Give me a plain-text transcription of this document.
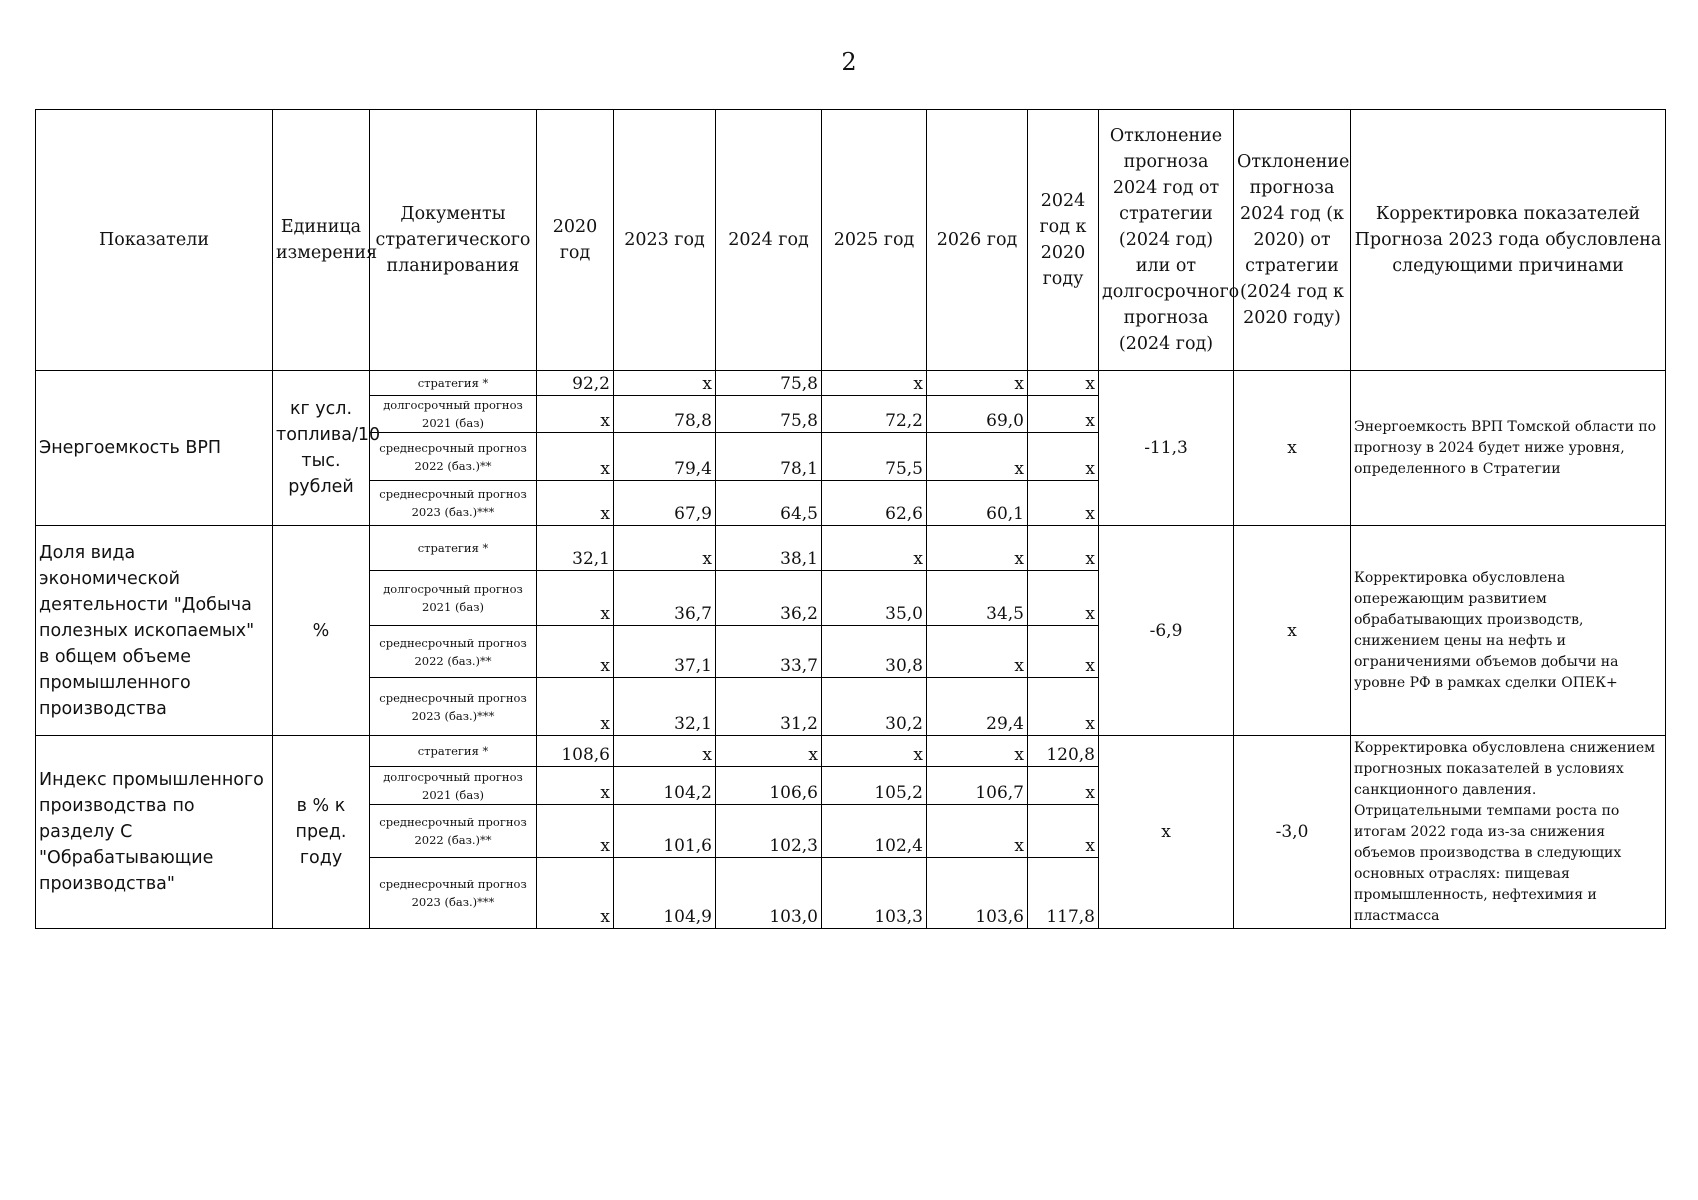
2
Показатели	Единица измерения	Документы стратегического планирования	2020 год	2023 год	2024 год	2025 год	2026 год	2024 год к 2020 году	Отклонение прогноза 2024 год от стратегии (2024 год) или от долгосрочного прогноза (2024 год)	Отклонение прогноза 2024 год (к 2020) от стратегии (2024 год к 2020 году)	Корректировка показателей Прогноза 2023 года обусловлена следующими причинами
Энергоемкость ВРП	кг усл. топлива/10 тыс. рублей	стратегия *	92,2	x	75,8	x	x	x	-11,3	x	Энергоемкость ВРП Томской области по прогнозу в 2024 будет ниже уровня, определенного в Стратегии
		долгосрочный прогноз 2021 (баз)	x	78,8	75,8	72,2	69,0	x			
		среднесрочный прогноз 2022 (баз.)**	x	79,4	78,1	75,5	x	x			
		среднесрочный прогноз 2023 (баз.)***	x	67,9	64,5	62,6	60,1	x			
Доля вида экономической деятельности "Добыча полезных ископаемых" в общем объеме промышленного производства	%	стратегия *	32,1	x	38,1	x	x	x	-6,9	x	Корректировка обусловлена опережающим развитием обрабатывающих производств, снижением цены на нефть и ограничениями объемов добычи на уровне РФ в рамках сделки ОПЕК+
		долгосрочный прогноз 2021 (баз)	x	36,7	36,2	35,0	34,5	x			
		среднесрочный прогноз 2022 (баз.)**	x	37,1	33,7	30,8	x	x			
		среднесрочный прогноз 2023 (баз.)***	x	32,1	31,2	30,2	29,4	x			
Индекс промышленного производства по разделу С "Обрабатывающие производства"	в % к пред. году	стратегия *	108,6	x	x	x	x	120,8	x	-3,0	Корректировка обусловлена снижением прогнозных показателей в условиях санкционного давления. Отрицательными темпами роста по итогам 2022 года из-за снижения объемов производства в следующих основных отраслях: пищевая промышленность, нефтехимия и пластмасса
		долгосрочный прогноз 2021 (баз)	x	104,2	106,6	105,2	106,7	x			
		среднесрочный прогноз 2022 (баз.)**	x	101,6	102,3	102,4	x	x			
		среднесрочный прогноз 2023 (баз.)***	x	104,9	103,0	103,3	103,6	117,8			
